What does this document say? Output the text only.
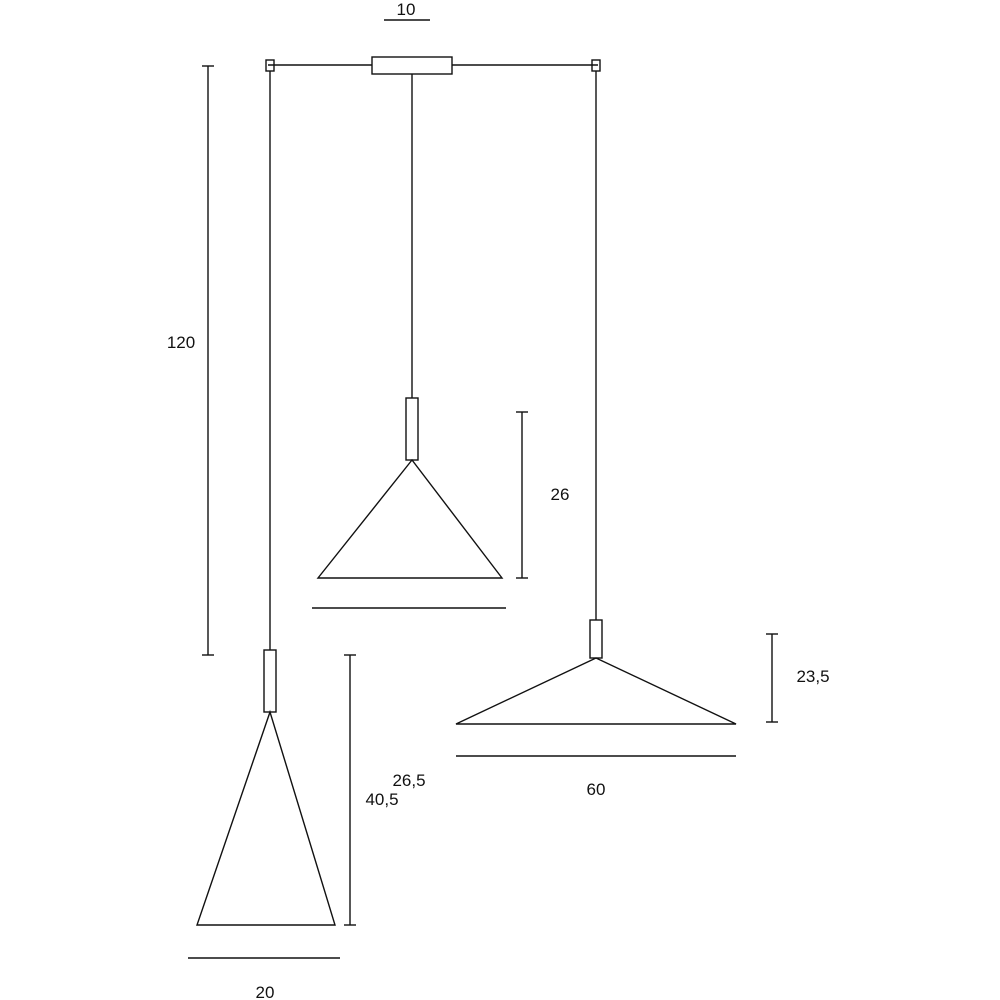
10
120
26
26,5
23,5
60
40,5
20
